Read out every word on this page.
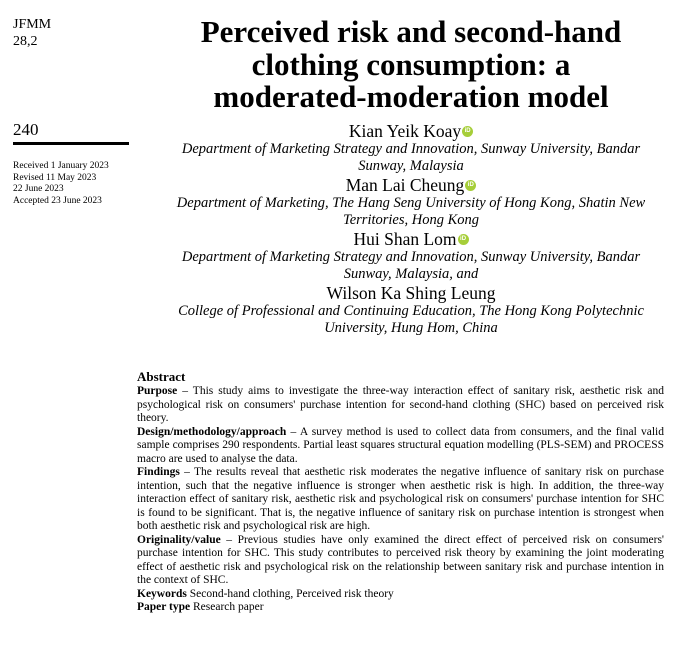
JFMM
28,2
240
Received 1 January 2023
Revised 11 May 2023
22 June 2023
Accepted 23 June 2023
Perceived risk and second-hand
clothing consumption: a
moderated-moderation model

Kian Yeik Koay iD

Department of Marketing Strategy and Innovation, Sunway University, Bandar

Sunway, Malaysia

Man Lai Cheung iD

Department of Marketing, The Hang Seng University of Hong Kong, Shatin New

Territories, Hong Kong

Hui Shan Lom iD

Department of Marketing Strategy and Innovation, Sunway University, Bandar

Sunway, Malaysia, and

Wilson Ka Shing Leung

College of Professional and Continuing Education, The Hong Kong Polytechnic

University, Hung Hom, China

Abstract

Purpose – This study aims to investigate the three-way interaction effect of sanitary risk, aesthetic risk and psychological risk on consumers' purchase intention for second-hand clothing (SHC) based on perceived risk theory.

Design/methodology/approach – A survey method is used to collect data from consumers, and the final valid sample comprises 290 respondents. Partial least squares structural equation modelling (PLS-SEM) and PROCESS macro are used to analyse the data.

Findings – The results reveal that aesthetic risk moderates the negative influence of sanitary risk on purchase intention, such that the negative influence is stronger when aesthetic risk is high. In addition, the three-way interaction effect of sanitary risk, aesthetic risk and psychological risk on consumers' purchase intention for SHC is found to be significant. That is, the negative influence of sanitary risk on purchase intention is strongest when both aesthetic risk and psychological risk are high.

Originality/value – Previous studies have only examined the direct effect of perceived risk on consumers' purchase intention for SHC. This study contributes to perceived risk theory by examining the joint moderating effect of aesthetic risk and psychological risk on the relationship between sanitary risk and purchase intention in the context of SHC.

Keywords Second-hand clothing, Perceived risk theory

Paper type Research paper
